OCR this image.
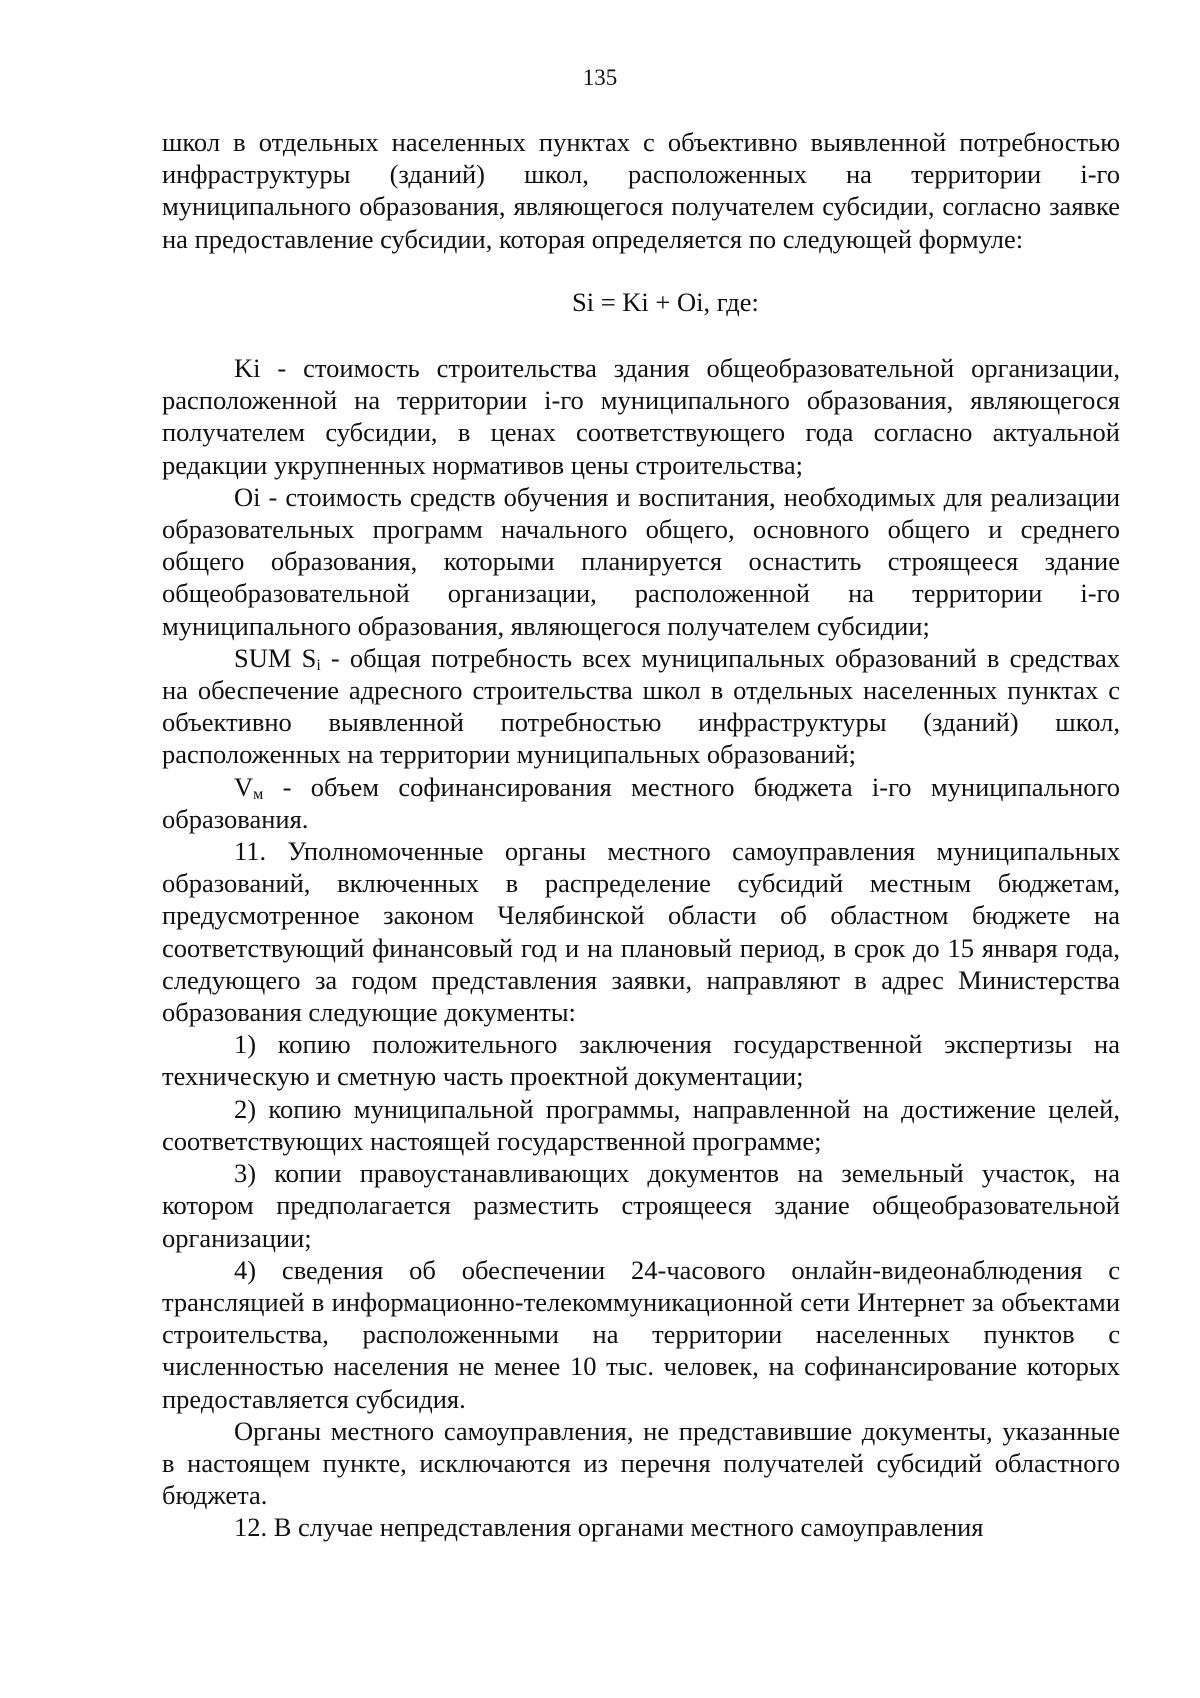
135

школ в отдельных населенных пунктах с объективно выявленной потребностью инфраструктуры (зданий) школ, расположенных на территории i-го муниципального образования, являющегося получателем субсидии, согласно заявке на предоставление субсидии, которая определяется по следующей формуле:

Si = Ki + Oi, где:

Ki - стоимость строительства здания общеобразовательной организации, расположенной на территории i-го муниципального образования, являющегося получателем субсидии, в ценах соответствующего года согласно актуальной редакции укрупненных нормативов цены строительства;

Oi - стоимость средств обучения и воспитания, необходимых для реализации образовательных программ начального общего, основного общего и среднего общего образования, которыми планируется оснастить строящееся здание общеобразовательной организации, расположенной на территории i-го муниципального образования, являющегося получателем субсидии;

SUM $S_i$ - общая потребность всех муниципальных образований в средствах на обеспечение адресного строительства школ в отдельных населенных пунктах с объективно выявленной потребностью инфраструктуры (зданий) школ, расположенных на территории муниципальных образований;

$V_м$ - объем софинансирования местного бюджета i-го муниципального образования.

11. Уполномоченные органы местного самоуправления муниципальных образований, включенных в распределение субсидий местным бюджетам, предусмотренное законом Челябинской области об областном бюджете на соответствующий финансовый год и на плановый период, в срок до 15 января года, следующего за годом представления заявки, направляют в адрес Министерства образования следующие документы:

1) копию положительного заключения государственной экспертизы на техническую и сметную часть проектной документации;

2) копию муниципальной программы, направленной на достижение целей, соответствующих настоящей государственной программе;

3) копии правоустанавливающих документов на земельный участок, на котором предполагается разместить строящееся здание общеобразовательной организации;

4) сведения об обеспечении 24-часового онлайн-видеонаблюдения с трансляцией в информационно-телекоммуникационной сети Интернет за объектами строительства, расположенными на территории населенных пунктов с численностью населения не менее 10 тыс. человек, на софинансирование которых предоставляется субсидия.

Органы местного самоуправления, не представившие документы, указанные в настоящем пункте, исключаются из перечня получателей субсидий областного бюджета.

12. В случае непредставления органами местного самоуправления
